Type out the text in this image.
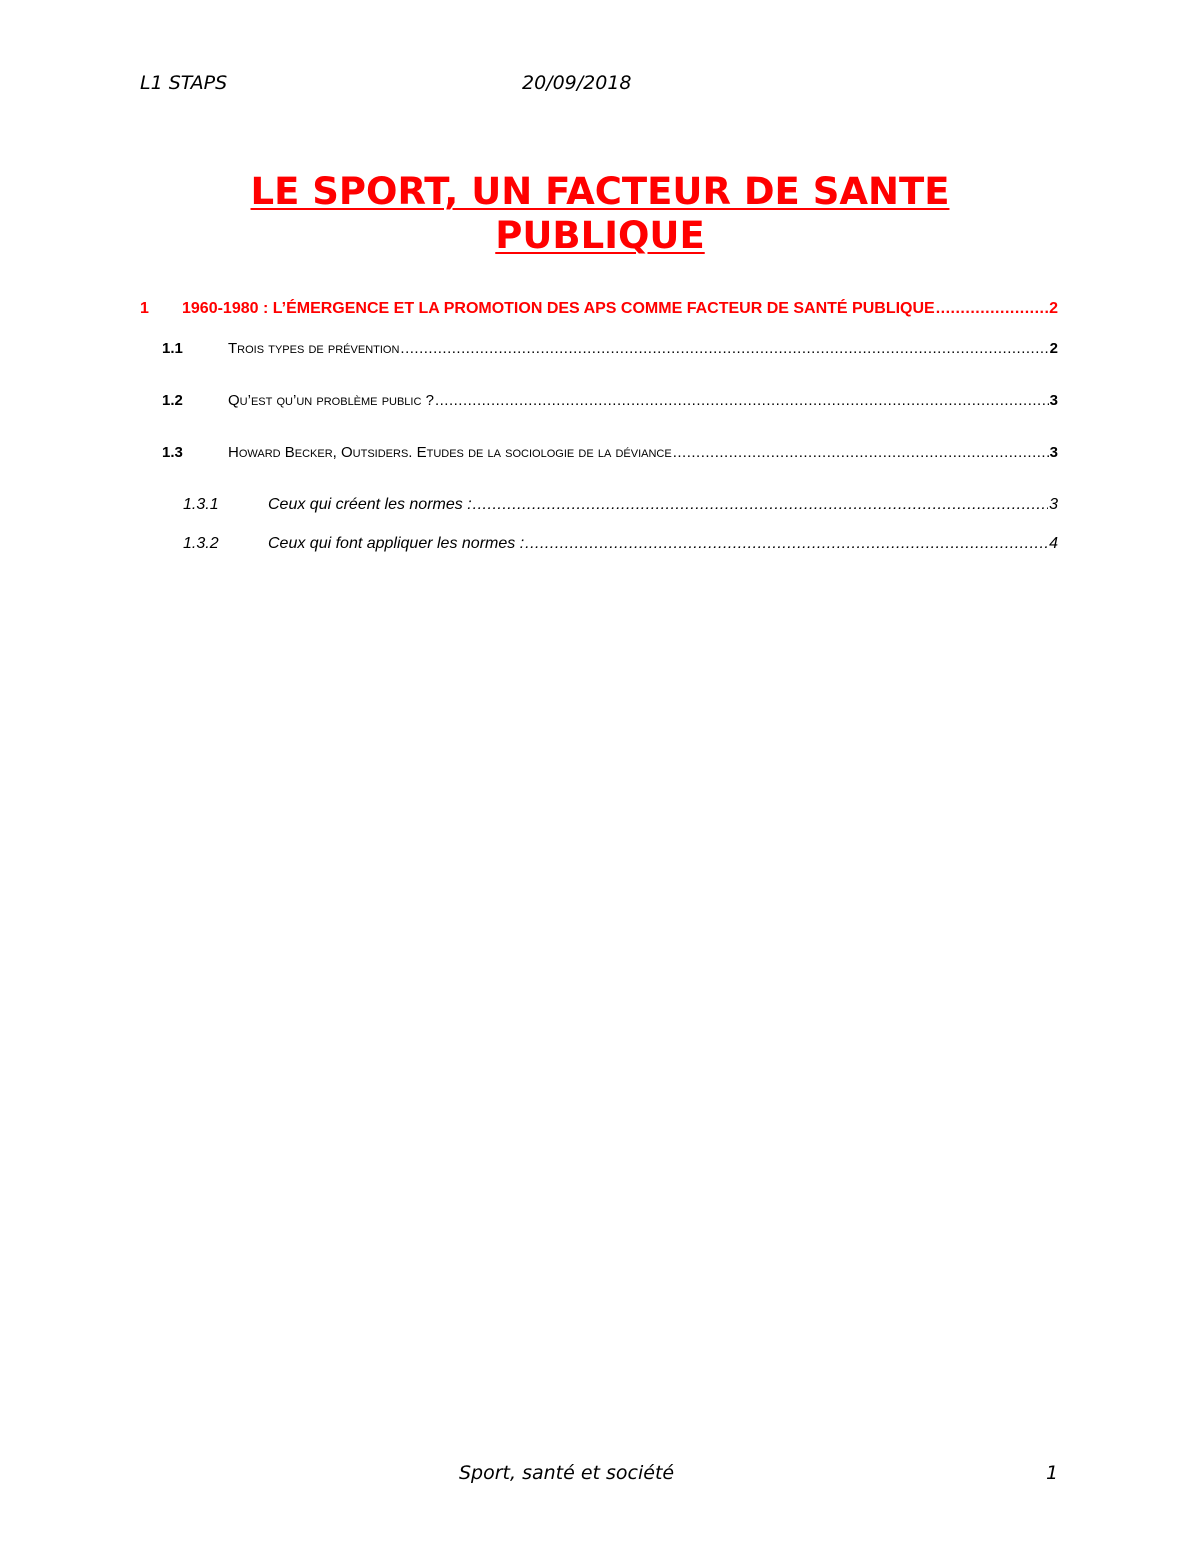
L1 STAPS	20/09/2018
LE SPORT, UN FACTEUR DE SANTE
PUBLIQUE
1	1960-1980 : L’ÉMERGENCE ET LA PROMOTION DES APS COMME FACTEUR DE SANTÉ PUBLIQUE .....	2
1.1	Trois types de prévention .....	2
1.2	Qu’est qu’un problème public ? .....	3
1.3	Howard Becker, Outsiders. Etudes de la sociologie de la déviance .....	3
1.3.1	Ceux qui créent les normes : .....	3
1.3.2	Ceux qui font appliquer les normes : .....	4
Sport, santé et société	1
